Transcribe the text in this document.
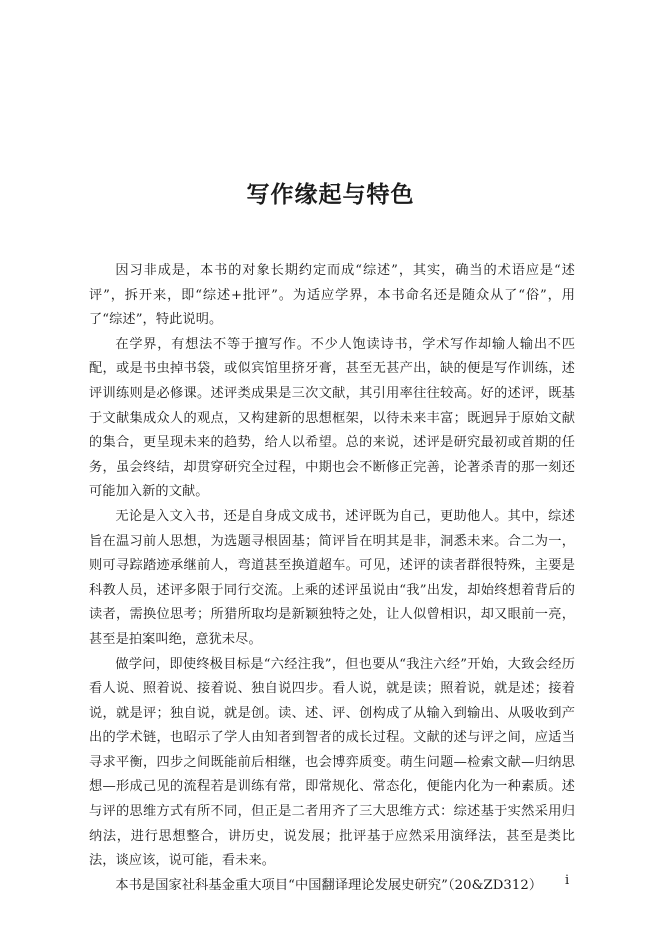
写作缘起与特色

因习非成是，本书的对象长期约定而成“综述”，其实，确当的术语应是“述评”，拆开来，即“综述+批评”。为适应学界，本书命名还是随众从了“俗”，用了“综述”，特此说明。

在学界，有想法不等于擅写作。不少人饱读诗书，学术写作却输人输出不匹配，或是书虫掉书袋，或似宾馆里挤牙膏，甚至无甚产出，缺的便是写作训练，述评训练则是必修课。述评类成果是三次文献，其引用率往往较高。好的述评，既基于文献集成众人的观点，又构建新的思想框架，以待未来丰富；既迥异于原始文献的集合，更呈现未来的趋势，给人以希望。总的来说，述评是研究最初或首期的任务，虽会终结，却贯穿研究全过程，中期也会不断修正完善，论著杀青的那一刻还可能加入新的文献。

无论是入文入书，还是自身成文成书，述评既为自己，更助他人。其中，综述旨在温习前人思想，为选题寻根固基；简评旨在明其是非，洞悉未来。合二为一，则可寻踪踏迹承继前人，弯道甚至换道超车。可见，述评的读者群很特殊，主要是科教人员，述评多限于同行交流。上乘的述评虽说由“我”出发，却始终想着背后的读者，需换位思考；所猎所取均是新颖独特之处，让人似曾相识，却又眼前一亮，甚至是拍案叫绝，意犹未尽。

做学问，即使终极目标是“六经注我”，但也要从“我注六经”开始，大致会经历看人说、照着说、接着说、独自说四步。看人说，就是读；照着说，就是述；接着说，就是评；独自说，就是创。读、述、评、创构成了从输入到输出、从吸收到产出的学术链，也昭示了学人由知者到智者的成长过程。文献的述与评之间，应适当寻求平衡，四步之间既能前后相继，也会博弈质变。萌生问题—检索文献—归纳思想—形成己见的流程若是训练有常，即常规化、常态化，便能内化为一种素质。述与评的思维方式有所不同，但正是二者用齐了三大思维方式：综述基于实然采用归纳法，进行思想整合，讲历史，说发展；批评基于应然采用演绎法，甚至是类比法，谈应该，说可能，看未来。

本书是国家社科基金重大项目“中国翻译理论发展史研究”（20&ZD312）	i
